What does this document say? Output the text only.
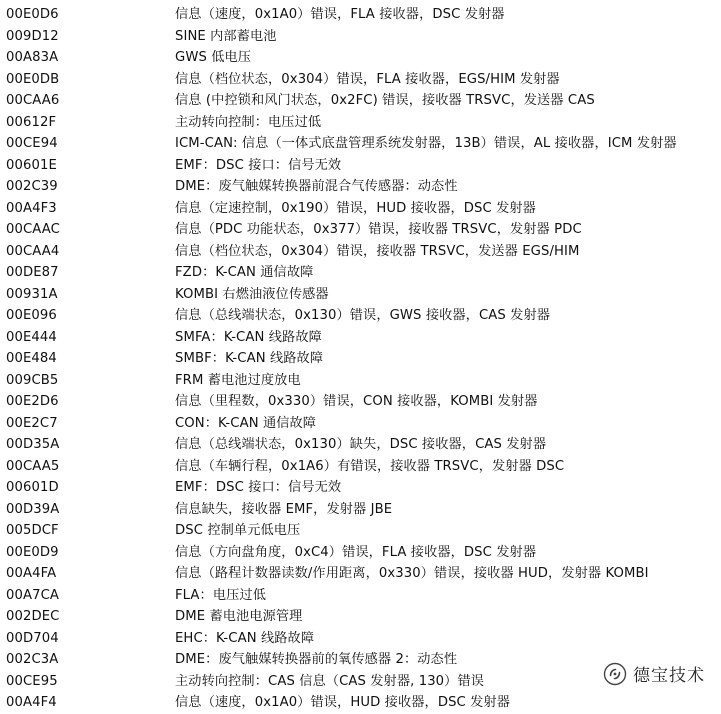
00E0D6	信息（速度，0x1A0）错误，FLA 接收器，DSC 发射器
009D12	SINE 内部蓄电池
00A83A	GWS 低电压
00E0DB	信息（档位状态，0x304）错误，FLA 接收器，EGS/HIM 发射器
00CAA6	信息 (中控锁和风门状态，0x2FC) 错误，接收器 TRSVC，发送器 CAS
00612F	主动转向控制：电压过低
00CE94	ICM-CAN: 信息（一体式底盘管理系统发射器，13B）错误，AL 接收器，ICM 发射器
00601E	EMF：DSC 接口：信号无效
002C39	DME：废气触媒转换器前混合气传感器：动态性
00A4F3	信息（定速控制，0x190）错误，HUD 接收器，DSC 发射器
00CAAC	信息（PDC 功能状态，0x377）错误，接收器 TRSVC，发射器 PDC
00CAA4	信息（档位状态，0x304）错误，接收器 TRSVC，发送器 EGS/HIM
00DE87	FZD：K-CAN 通信故障
00931A	KOMBI 右燃油液位传感器
00E096	信息（总线端状态，0x130）错误，GWS 接收器，CAS 发射器
00E444	SMFA：K-CAN 线路故障
00E484	SMBF：K-CAN 线路故障
009CB5	FRM 蓄电池过度放电
00E2D6	信息（里程数，0x330）错误，CON 接收器，KOMBI 发射器
00E2C7	CON：K-CAN 通信故障
00D35A	信息（总线端状态，0x130）缺失，DSC 接收器，CAS 发射器
00CAA5	信息（车辆行程，0x1A6）有错误，接收器 TRSVC，发射器 DSC
00601D	EMF：DSC 接口：信号无效
00D39A	信息缺失，接收器 EMF，发射器 JBE
005DCF	DSC 控制单元低电压
00E0D9	信息（方向盘角度，0xC4）错误，FLA 接收器，DSC 发射器
00A4FA	信息（路程计数器读数/作用距离，0x330）错误，接收器 HUD，发射器 KOMBI
00A7CA	FLA：电压过低
002DEC	DME 蓄电池电源管理
00D704	EHC：K-CAN 线路故障
002C3A	DME：废气触媒转换器前的氧传感器 2：动态性
00CE95	主动转向控制：CAS 信息（CAS 发射器, 130）错误
00A4F4	信息（速度，0x1A0）错误，HUD 接收器，DSC 发射器
德宝技术
